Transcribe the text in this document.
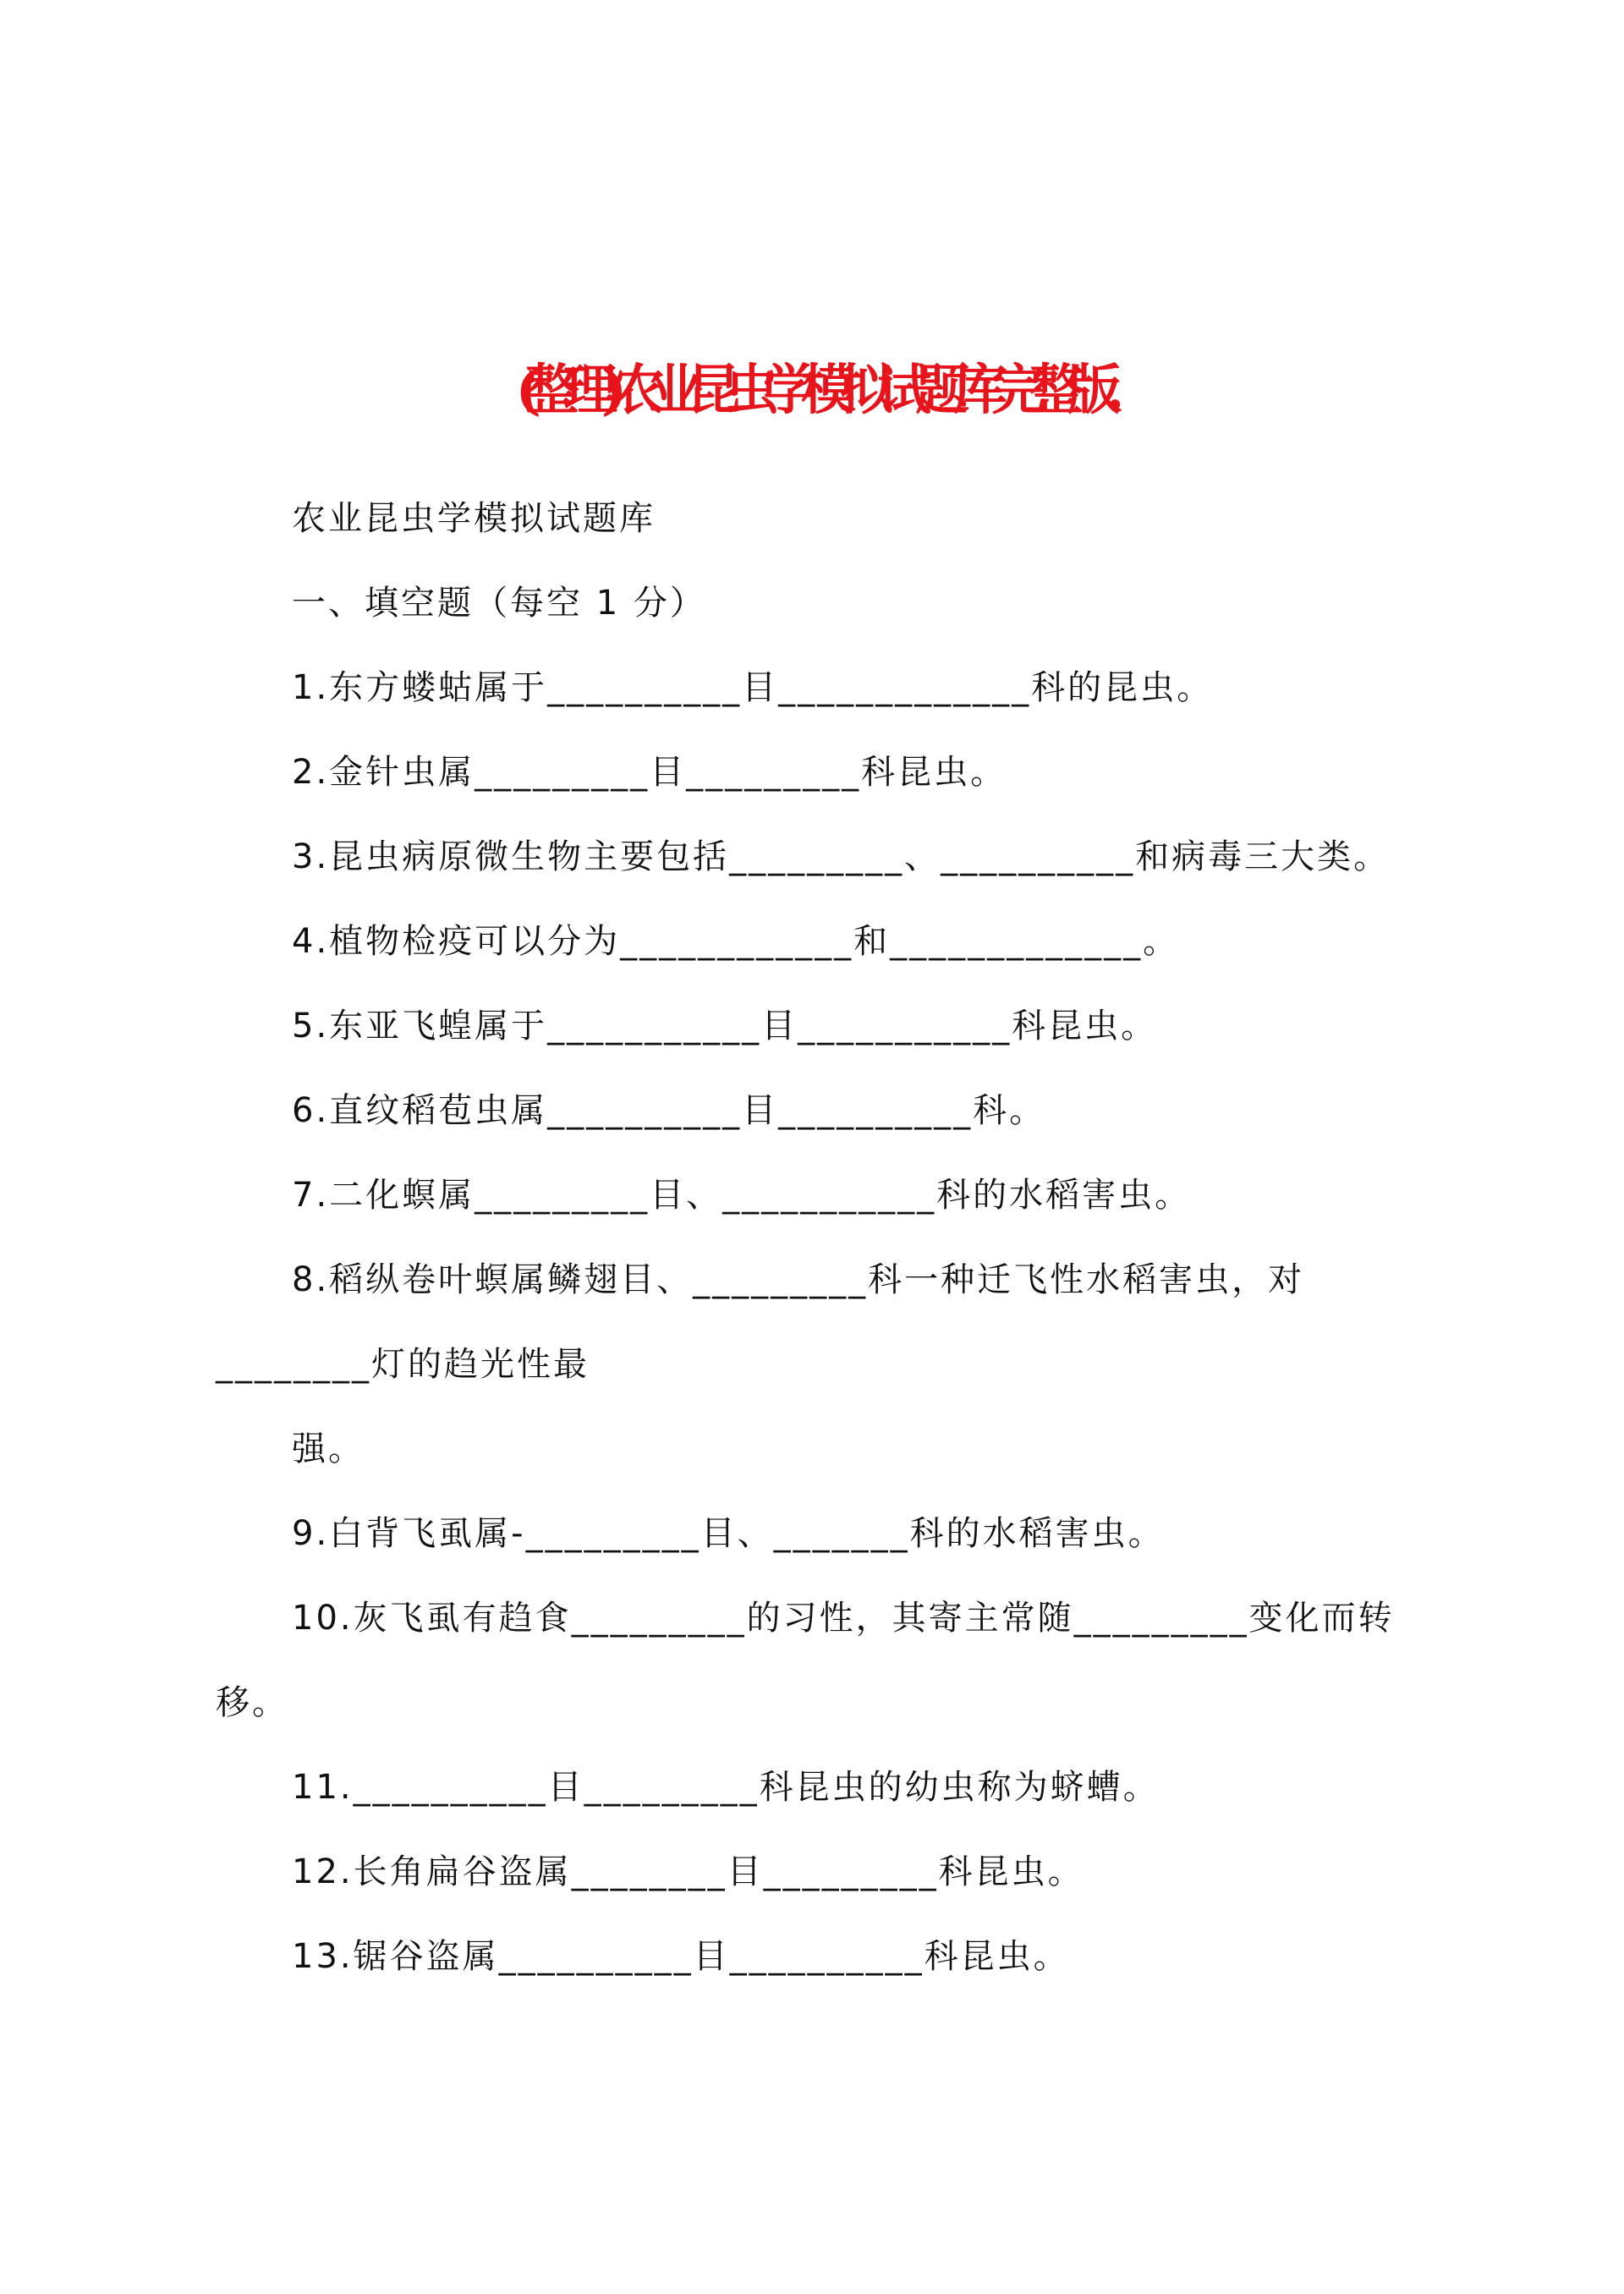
(整理)农业昆虫学模拟试题库完整版.
农业昆虫学模拟试题库
一、填空题（每空 1 分）
1.东方蝼蛄属于__________目_____________科的昆虫。
2.金针虫属_________目_________科昆虫。
3.昆虫病原微生物主要包括_________、__________和病毒三大类。
4.植物检疫可以分为____________和_____________。
5.东亚飞蝗属于___________目___________科昆虫。
6.直纹稻苞虫属__________目__________科。
7.二化螟属_________目、___________科的水稻害虫。
8.稻纵卷叶螟属鳞翅目、_________科一种迁飞性水稻害虫，对
________灯的趋光性最
强。
9.白背飞虱属-_________目、_______科的水稻害虫。
10.灰飞虱有趋食_________的习性，其寄主常随_________变化而转
移。
11.__________目_________科昆虫的幼虫称为蛴螬。
12.长角扁谷盗属________目_________科昆虫。
13.锯谷盗属__________目__________科昆虫。
